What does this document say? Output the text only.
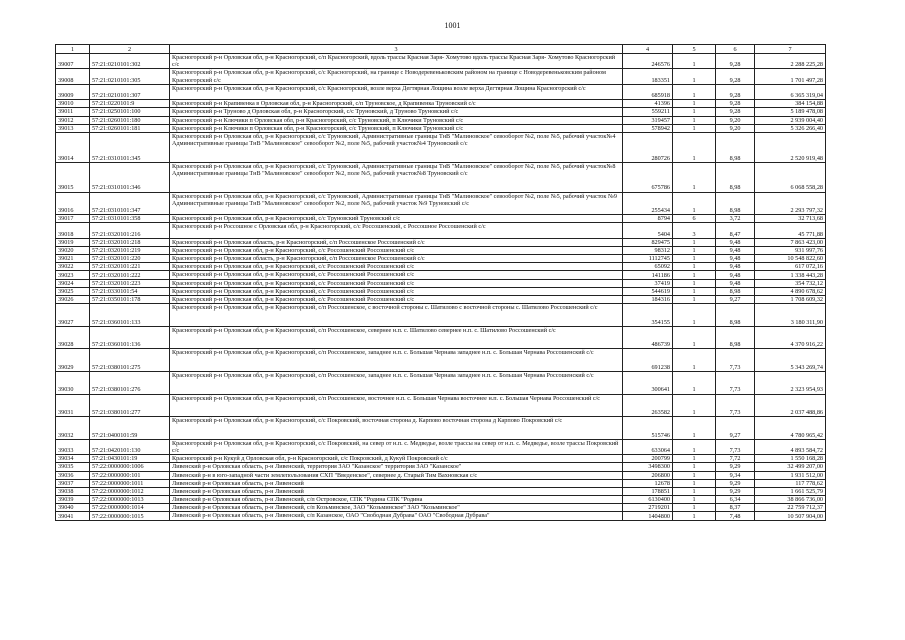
1001
1	2	3	4	5	6	7
39007	57:21:0210101:302	Красногорский р-н Орловская обл, р-н Красногорский, с/п Красногорский, вдоль трассы Красная Заря- Хомутово вдоль трассы Красная Заря- Хомутово Красногорский с/с	246576	1	9,28	2 288 225,28
39008	57:21:0210101:305	Красногорский р-н Орловская обл, р-н Красногорский, с/с Красногорский, на границе с Новодеревеньковским районом на границе с Новодеревеньковским районом Красногорский с/с	183351	1	9,28	1 701 497,28
39009	57:21:0210101:307	Красногорский р-н Орловская обл, р-н Красногорский, с/с Красногорский, возле верха Дегтярная Лощина возле верха Дегтярная Лощина Красногорский с/с	685918	1	9,28	6 365 319,04
39010	57:21:0220101:9	Красногорский р-н Крапивенка в Орловская обл, р-н Красногорский, с/п Труновское, д Крапивенка Труновский с/с	41396	1	9,28	384 154,88
39011	57:21:0250101:100	Красногорский р-н Труново д Орловская обл, р-н Красногорский, с/с Труновский, д Труново Труновский с/с	559211	1	9,28	5 189 478,08
39012	57:21:0260101:180	Красногорский р-н Ключики п Орловская обл, р-н Красногорский, с/с Труновский, п Ключики Труновский с/с	319457	1	9,20	2 939 004,40
39013	57:21:0260101:181	Красногорский р-н Ключики п Орловская обл, р-н Красногорский, с/с Труновский, п Ключики Труновский с/с	578942	1	9,20	5 326 266,40
39014	57:21:0310101:345	Красногорский р-н Орловская обл, р-н Красногорский, с/с Труновский, Административные границы ТнВ "Малиновское" севооборот №2, поле №5, рабочий участок№4 Административные границы ТнВ "Малиновское" севооборот №2, поле №5, рабочий участок№4 Труновский с/с	280726	1	8,98	2 520 919,48
39015	57:21:0310101:346	Красногорский р-н Орловская обл, р-н Красногорский, с/с Труновский, Административные границы ТнВ "Малиновское" севооборот №2, поле №5, рабочий участок№8 Административные границы ТнВ "Малиновское" севооборот №2, поле №5, рабочий участок№8 Труновский с/с	675786	1	8,98	6 068 558,28
39016	57:21:0310101:347	Красногорский р-н Орловская обл, р-н Красногорский, с/с Труновский, Административные границы ТнВ "Малиновское" севооборот №2, поле №5, рабочий участок №9 Административные границы ТнВ "Малиновское" севооборот №2, поле №5, рабочий участок №9 Труновский с/с	255434	1	8,98	2 293 797,32
39017	57:21:0310101:358	Красногорский р-н Орловская обл, р-н Красногорский, с/с Труновский Труновский с/с	8794	6	3,72	32 713,68
39018	57:21:0320101:216	Красногорский р-н Россошное с Орловская обл, р-н Красногорский, с/с Россошенский, с Россошное Россошенский с/с	5404	3	8,47	45 771,88
39019	57:21:0320101:218	Красногорский р-н Орловская область, р-н Красногорский, с/п Россошенское Россошенский с/с	829475	1	9,48	7 863 423,00
39020	57:21:0320101:219	Красногорский р-н Орловская обл, р-н Красногорский, с/с Россошенский Россошенский с/с	98312	1	9,48	931 997,76
39021	57:21:0320101:220	Красногорский р-н Орловская область, р-н Красногорский, с/п Россошенское Россошенский с/с	1112745	1	9,48	10 548 822,60
39022	57:21:0320101:221	Красногорский р-н Орловская обл, р-н Красногорский, с/с Россошенский Россошенский с/с	65092	1	9,48	617 072,16
39023	57:21:0320101:222	Красногорский р-н Орловская обл, р-н Красногорский, с/с Россошенский Россошенский с/с	141186	1	9,48	1 338 443,28
39024	57:21:0320101:223	Красногорский р-н Орловская обл, р-н Красногорский, с/с Россошенский Россошенский с/с	37419	1	9,48	354 732,12
39025	57:21:0330101:54	Красногорский р-н Орловская обл, р-н Красногорский, с/с Россошенский Россошенский с/с	544619	1	8,98	4 890 678,62
39026	57:21:0350101:178	Красногорский р-н Орловская обл, р-н Красногорский, с/с Россошенский Россошенский с/с	184316	1	9,27	1 708 609,32
39027	57:21:0360101:133	Красногорский р-н Орловская обл, р-н Красногорский, с/п Россошенское, с восточной стороны с. Шатилово с восточной стороны с. Шатилово Россошенский с/с	354155	1	8,98	3 180 311,90
39028	57:21:0360101:136	Красногорский р-н Орловская обл, р-н Красногорский, с/п Россошенское, севернее н.п. с. Шатилово севернее н.п. с. Шатилово Россошенский с/с	486739	1	8,98	4 370 916,22
39029	57:21:0380101:275	Красногорский р-н Орловская обл, р-н Красногорский, с/п Россошенское, западнее н.п. с. Большая Чернава западнее н.п. с. Большая Чернава Россошенский с/с	691238	1	7,73	5 343 269,74
39030	57:21:0380101:276	Красногорский р-н Орловская обл, р-н Красногорский, с/п Россошенское, западнее н.п. с. Большая Чернава западнее н.п. с. Большая Чернава Россошенский с/с	300641	1	7,73	2 323 954,93
39031	57:21:0380101:277	Красногорский р-н Орловская обл, р-н Красногорский, с/п Россошенское, восточнее н.п. с. Большая Чернава восточнее н.п. с. Большая Чернава Россошенский с/с	263582	1	7,73	2 037 488,86
39032	57:21:0400101:59	Красногорский р-н Орловская обл, р-н Красногорский, с/с Покровский, восточная сторона д. Карпово восточная сторона д Карпово Покровский с/с	515746	1	9,27	4 780 965,42
39033	57:21:0420101:130	Красногорский р-н Орловская обл, р-н Красногорский, с/с Покровский, на север от н.п. с. Медведье, возле трассы на север от н.п. с. Медведье, возле трассы Покровский с/с	633064	1	7,73	4 893 584,72
39034	57:21:0430101:19	Красногорский р-н Кукуй д Орловская обл, р-н Красногорский, с/с Покровский, д Кукуй Покровский с/с	200799	1	7,72	1 550 168,28
39035	57:22:0000000:1006	Ливенский р-н Орловская область, р-н Ливенский, территория ЗАО "Казанское" территория ЗАО "Казанское"	3498300	1	9,29	32 499 207,00
39036	57:22:0000000:101	Ливенский р-н в юго-западной части землепользования СХП "Введенское", севернее д. Старый Тим Вахновская с/с	206800	1	9,34	1 931 512,00
39037	57:22:0000000:1011	Ливенский р-н Орловская область, р-н Ливенский	12678	1	9,29	117 778,62
39038	57:22:0000000:1012	Ливенский р-н Орловская область, р-н Ливенский	178851	1	9,29	1 661 525,79
39039	57:22:0000000:1013	Ливенский р-н Орловская область, р-н Ливенский, с/п Островское, СПК "Родина СПК "Родина	6130400	1	6,34	38 866 736,00
39040	57:22:0000000:1014	Ливенский р-н Орловская область, р-н Ливенский, с/п Козьминское, ЗАО "Козьминское" ЗАО "Козьминское"	2719201	1	8,37	22 759 712,37
39041	57:22:0000000:1015	Ливенский р-н Орловская область, р-н Ливенский, с/п Казанское, ОАО "Свободная Дубрава" ОАО "Свободная Дубрава"	1404800	1	7,48	10 507 904,00
